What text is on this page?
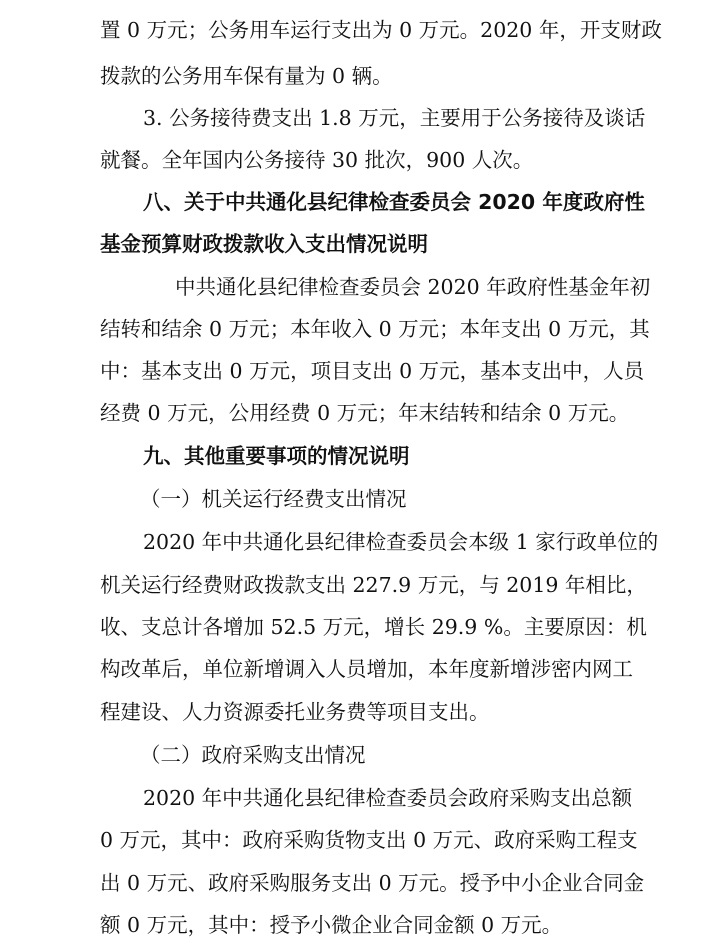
置 0 万元；公务用车运行支出为 0 万元。2020 年，开支财政
拨款的公务用车保有量为 0 辆。
3. 公务接待费支出 1.8 万元，主要用于公务接待及谈话
就餐。全年国内公务接待 30 批次，900 人次。
八、关于中共通化县纪律检查委员会 2020 年度政府性
基金预算财政拨款收入支出情况说明
中共通化县纪律检查委员会 2020 年政府性基金年初
结转和结余 0 万元；本年收入 0 万元；本年支出 0 万元，其
中：基本支出 0 万元，项目支出 0 万元，基本支出中，人员
经费 0 万元，公用经费 0 万元；年末结转和结余 0 万元。
九、其他重要事项的情况说明
（一）机关运行经费支出情况
2020 年中共通化县纪律检查委员会本级 1 家行政单位的
机关运行经费财政拨款支出 227.9 万元，与 2019 年相比，
收、支总计各增加 52.5 万元，增长 29.9 %。主要原因：机
构改革后，单位新增调入人员增加，本年度新增涉密内网工
程建设、人力资源委托业务费等项目支出。
（二）政府采购支出情况
2020 年中共通化县纪律检查委员会政府采购支出总额
0 万元，其中：政府采购货物支出 0 万元、政府采购工程支
出 0 万元、政府采购服务支出 0 万元。授予中小企业合同金
额 0 万元，其中：授予小微企业合同金额 0 万元。
